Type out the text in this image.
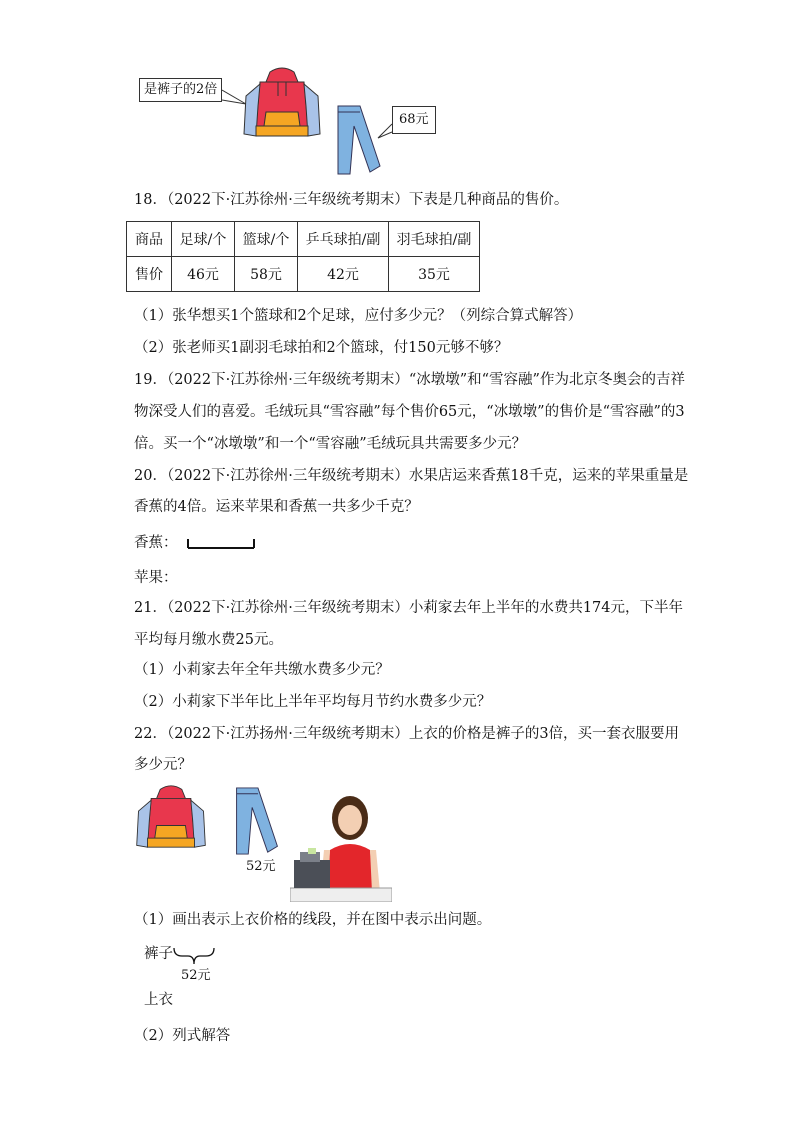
是裤子的2倍
68元
18．（2022下·江苏徐州·三年级统考期末）下表是几种商品的售价。
商品	足球/个	篮球/个	乒乓球拍/副	羽毛球拍/副
售价	46元	58元	42元	35元
（1）张华想买1个篮球和2个足球，应付多少元？（列综合算式解答）
（2）张老师买1副羽毛球拍和2个篮球，付150元够不够？
19．（2022下·江苏徐州·三年级统考期末）“冰墩墩”和“雪容融”作为北京冬奥会的吉祥
物深受人们的喜爱。毛绒玩具“雪容融”每个售价65元，“冰墩墩”的售价是“雪容融”的3
倍。买一个“冰墩墩”和一个“雪容融”毛绒玩具共需要多少元？
20．（2022下·江苏徐州·三年级统考期末）水果店运来香蕉18千克，运来的苹果重量是
香蕉的4倍。运来苹果和香蕉一共多少千克？
香蕉：
苹果：
21．（2022下·江苏徐州·三年级统考期末）小莉家去年上半年的水费共174元，下半年
平均每月缴水费25元。
（1）小莉家去年全年共缴水费多少元？
（2）小莉家下半年比上半年平均每月节约水费多少元？
22．（2022下·江苏扬州·三年级统考期末）上衣的价格是裤子的3倍，买一套衣服要用
多少元？
52元
（1）画出表示上衣价格的线段，并在图中表示出问题。
裤子
52元
上衣
（2）列式解答
